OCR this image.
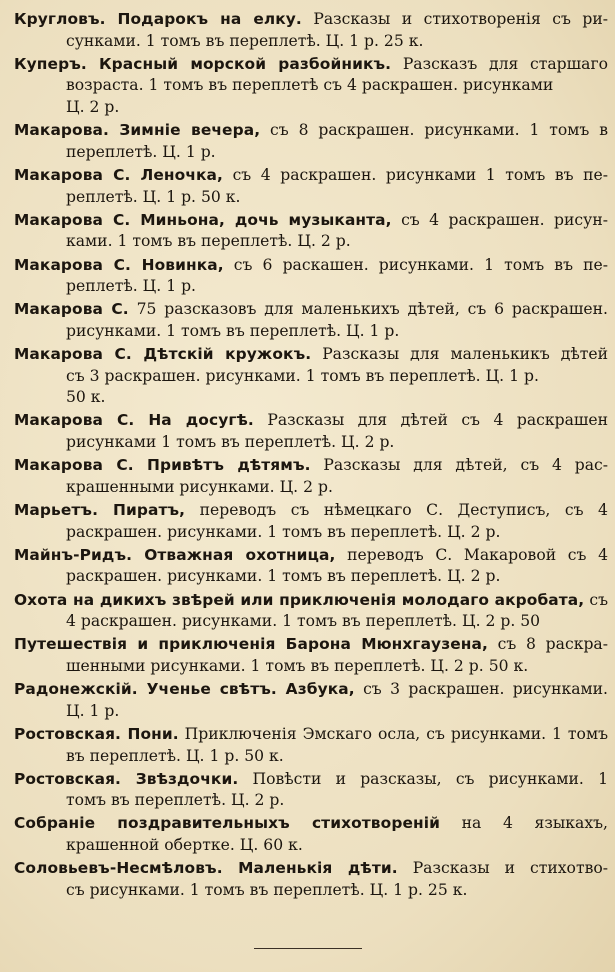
Кругловъ. Подарокъ на елку. Разсказы и стихотворенія съ ри-
сунками. 1 томъ въ переплетѣ. Ц. 1 р. 25 к.
Куперъ. Красный морской разбойникъ. Разсказъ для старшаго
возраста. 1 томъ въ переплетѣ съ 4 раскрашен. рисунками
Ц. 2 р.
Макарова. Зимніе вечера, съ 8 раскрашен. рисунками. 1 томъ в
переплетѣ. Ц. 1 р.
Макарова С. Леночка, съ 4 раскрашен. рисунками 1 томъ въ пе-
реплетѣ. Ц. 1 р. 50 к.
Макарова С. Миньона, дочь музыканта, съ 4 раскрашен. рисун-
ками. 1 томъ въ переплетѣ. Ц. 2 р.
Макарова С. Новинка, съ 6 раскашен. рисунками. 1 томъ въ пе-
реплетѣ. Ц. 1 р.
Макарова С. 75 разсказовъ для маленькихъ дѣтей, съ 6 раскрашен.
рисунками. 1 томъ въ переплетѣ. Ц. 1 р.
Макарова С. Дѣтскій кружокъ. Разсказы для маленькикъ дѣтей
съ 3 раскрашен. рисунками. 1 томъ въ переплетѣ. Ц. 1 р.
50 к.
Макарова С. На досугѣ. Разсказы для дѣтей съ 4 раскрашен
рисунками 1 томъ въ переплетѣ. Ц. 2 р.
Макарова С. Привѣтъ дѣтямъ. Разсказы для дѣтей, съ 4 рас-
крашенными рисунками. Ц. 2 р.
Марьетъ. Пиратъ, переводъ съ нѣмецкаго С. Деступисъ, съ 4
раскрашен. рисунками. 1 томъ въ переплетѣ. Ц. 2 р.
Майнъ-Ридъ. Отважная охотница, переводъ С. Макаровой съ 4
раскрашен. рисунками. 1 томъ въ переплетѣ. Ц. 2 р.
Охота на дикихъ звѣрей или приключенія молодаго акробата, съ
4 раскрашен. рисунками. 1 томъ въ переплетѣ. Ц. 2 р. 50
Путешествія и приключенія Барона Мюнхгаузена, съ 8 раскра-
шенными рисунками. 1 томъ въ переплетѣ. Ц. 2 р. 50 к.
Радонежскій. Ученье свѣтъ. Азбука, съ 3 раскрашен. рисунками.
Ц. 1 р.
Ростовская. Пони. Приключенія Эмскаго осла, съ рисунками. 1 томъ
въ переплетѣ. Ц. 1 р. 50 к.
Ростовская. Звѣздочки. Повѣсти и разсказы, съ рисунками. 1
томъ въ переплетѣ. Ц. 2 р.
Собраніе поздравительныхъ стихотвореній на 4 языкахъ,
крашенной обертке. Ц. 60 к.
Соловьевъ-Несмѣловъ. Маленькія дѣти. Разсказы и стихотво-
съ рисунками. 1 томъ въ переплетѣ. Ц. 1 р. 25 к.
